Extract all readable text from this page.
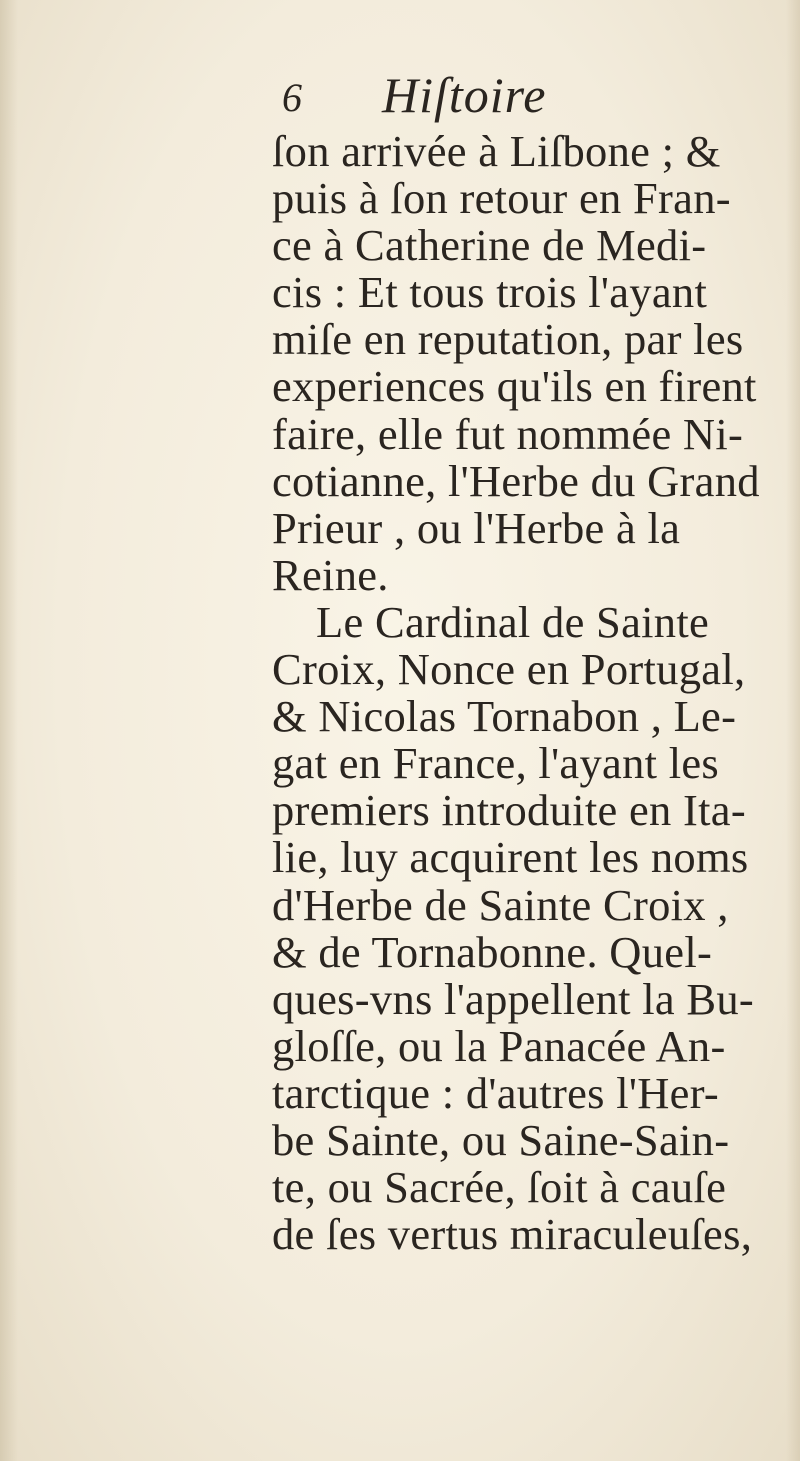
6 Hiſtoire
ſon arrivée à Liſbone ; &
puis à ſon retour en Fran-
ce à Catherine de Medi-
cis : Et tous trois l'ayant
miſe en reputation, par les
experiences qu'ils en firent
faire, elle fut nommée Ni-
cotianne, l'Herbe du Grand
Prieur , ou l'Herbe à la
Reine.
Le Cardinal de Sainte
Croix, Nonce en Portugal,
& Nicolas Tornabon , Le-
gat en France, l'ayant les
premiers introduite en Ita-
lie, luy acquirent les noms
d'Herbe de Sainte Croix ,
& de Tornabonne. Quel-
ques-vns l'appellent la Bu-
gloſſe, ou la Panacée An-
tarctique : d'autres l'Her-
be Sainte, ou Saine-Sain-
te, ou Sacrée, ſoit à cauſe
de ſes vertus miraculeuſes,
